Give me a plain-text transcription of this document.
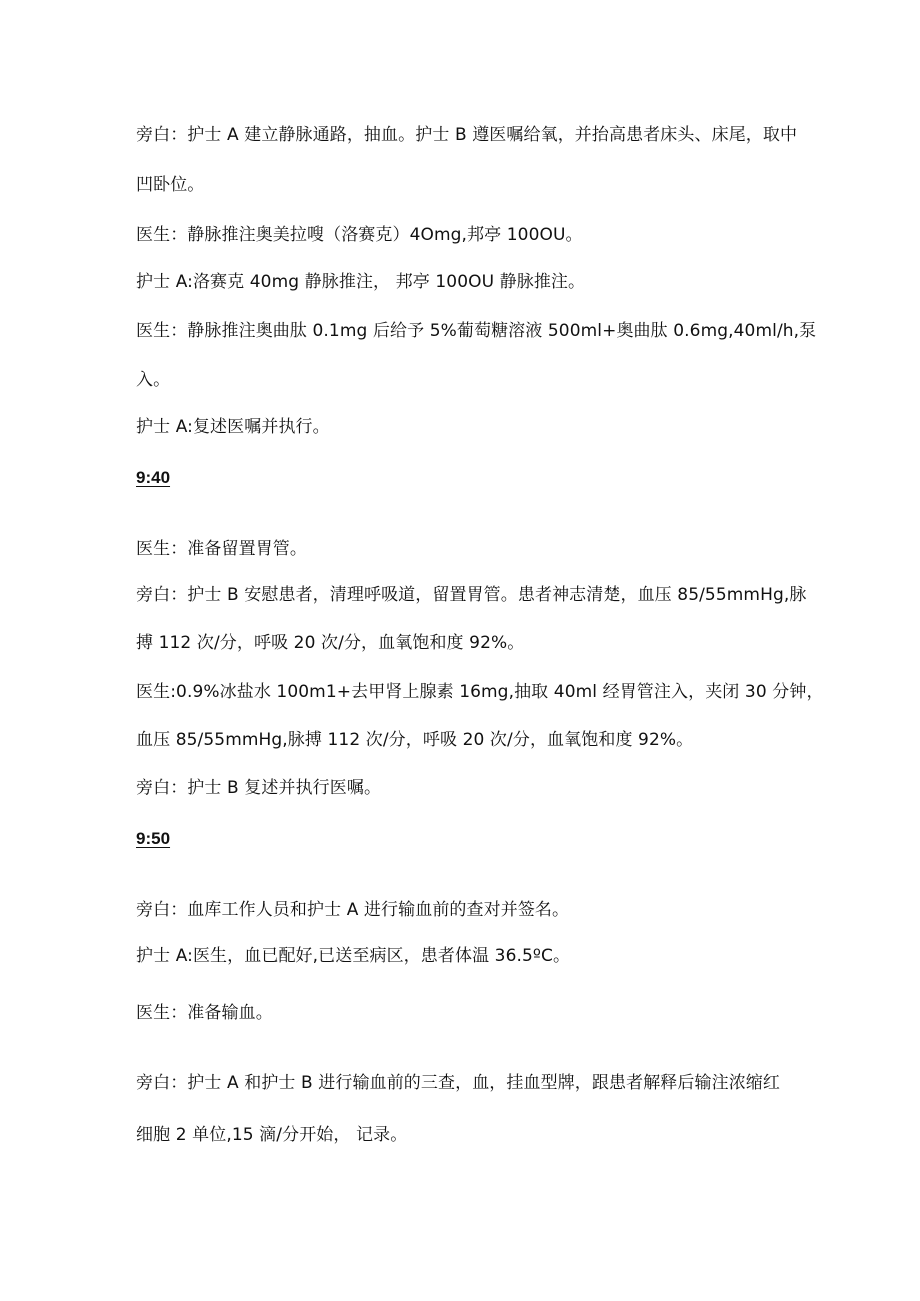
旁白：护士 A 建立静脉通路，抽血。护士 B 遵医嘱给氧，并抬高患者床头、床尾，取中
凹卧位。
医生：静脉推注奥美拉嗖（洛赛克）4Omg,邦亭 100OU。
护士 A:洛赛克 40mg 静脉推注， 邦亭 100OU 静脉推注。
医生：静脉推注奥曲肽 0.1mg 后给予 5%葡萄糖溶液 500ml+奥曲肽 0.6mg,40ml∕h,泵
入。
护士 A:复述医嘱并执行。
9:40
医生：准备留置胃管。
旁白：护士 B 安慰患者，清理呼吸道，留置胃管。患者神志清楚，血压 85∕55mmHg,脉
搏 112 次/分，呼吸 20 次/分，血氧饱和度 92%。
医生:0.9%冰盐水 100m1+去甲肾上腺素 16mg,抽取 40ml 经胃管注入，夹闭 30 分钟，
血压 85∕55mmHg,脉搏 112 次/分，呼吸 20 次/分，血氧饱和度 92%。
旁白：护士 B 复述并执行医嘱。
9:50
旁白：血库工作人员和护士 A 进行输血前的查对并签名。
护士 A:医生，血已配好,已送至病区，患者体温 36.5ºC。
医生：准备输血。
旁白：护士 A 和护士 B 进行输血前的三查，血，挂血型牌，跟患者解释后输注浓缩红
细胞 2 单位,15 滴/分开始， 记录。
